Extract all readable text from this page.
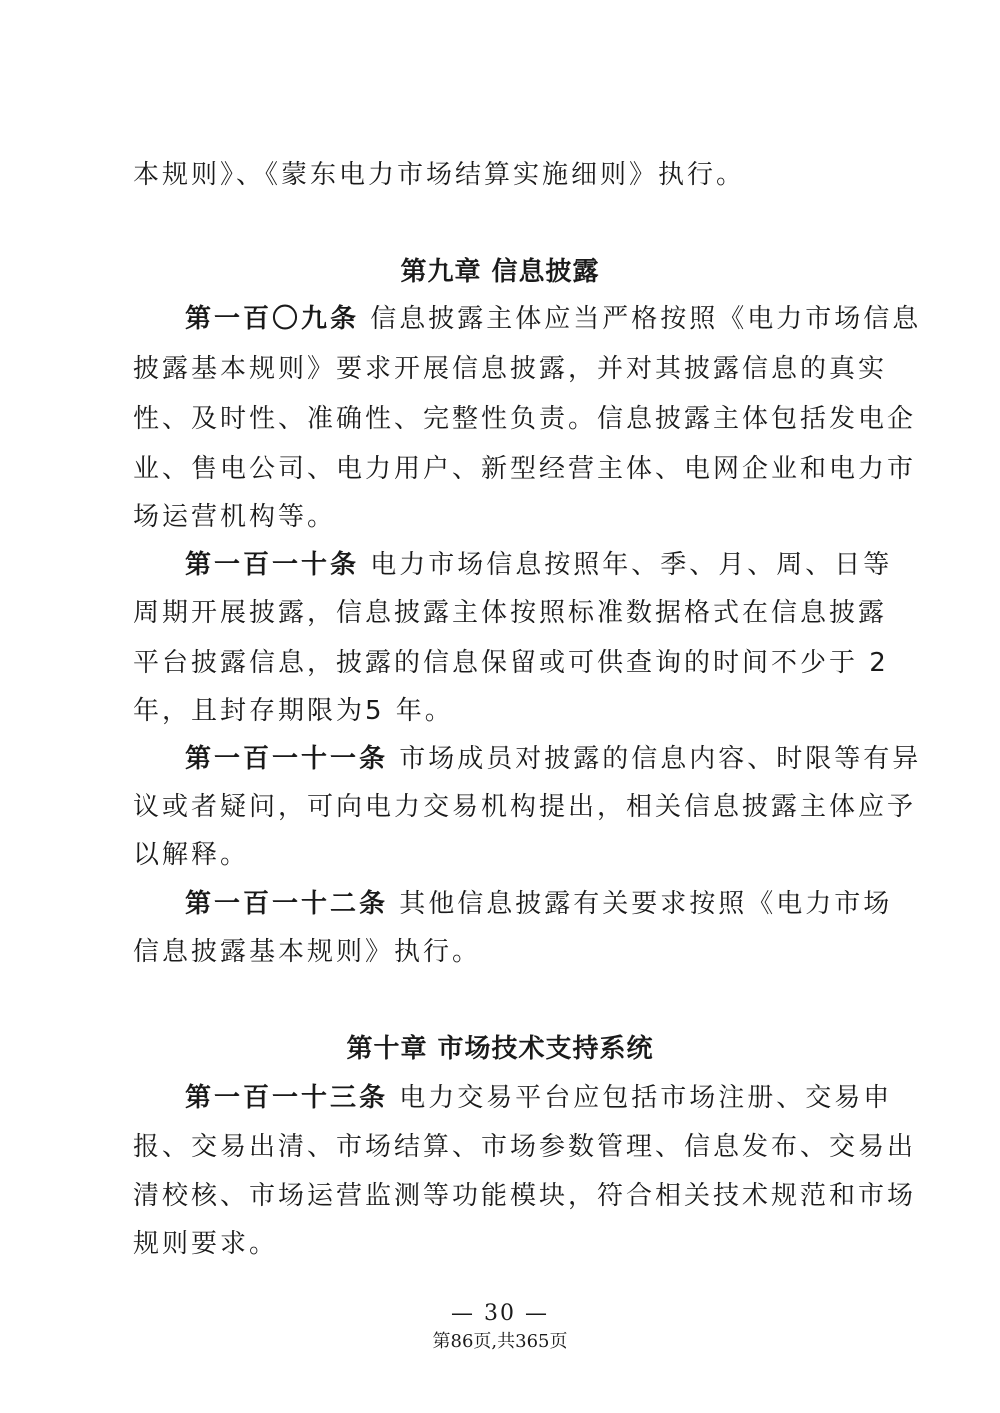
本规则》、《蒙东电力市场结算实施细则》执行。
第九章 信息披露
第一百〇九条 信息披露主体应当严格按照《电力市场信息
披露基本规则》要求开展信息披露，并对其披露信息的真实
性、及时性、准确性、完整性负责。信息披露主体包括发电企
业、售电公司、电力用户、新型经营主体、电网企业和电力市
场运营机构等。
第一百一十条 电力市场信息按照年、季、月、周、日等
周期开展披露，信息披露主体按照标准数据格式在信息披露
平台披露信息，披露的信息保留或可供查询的时间不少于 2
年，且封存期限为5 年。
第一百一十一条 市场成员对披露的信息内容、时限等有异
议或者疑问，可向电力交易机构提出，相关信息披露主体应予
以解释。
第一百一十二条 其他信息披露有关要求按照《电力市场
信息披露基本规则》执行。
第十章 市场技术支持系统
第一百一十三条 电力交易平台应包括市场注册、交易申
报、交易出清、市场结算、市场参数管理、信息发布、交易出
清校核、市场运营监测等功能模块，符合相关技术规范和市场
规则要求。
— 30 —
第86页,共365页
